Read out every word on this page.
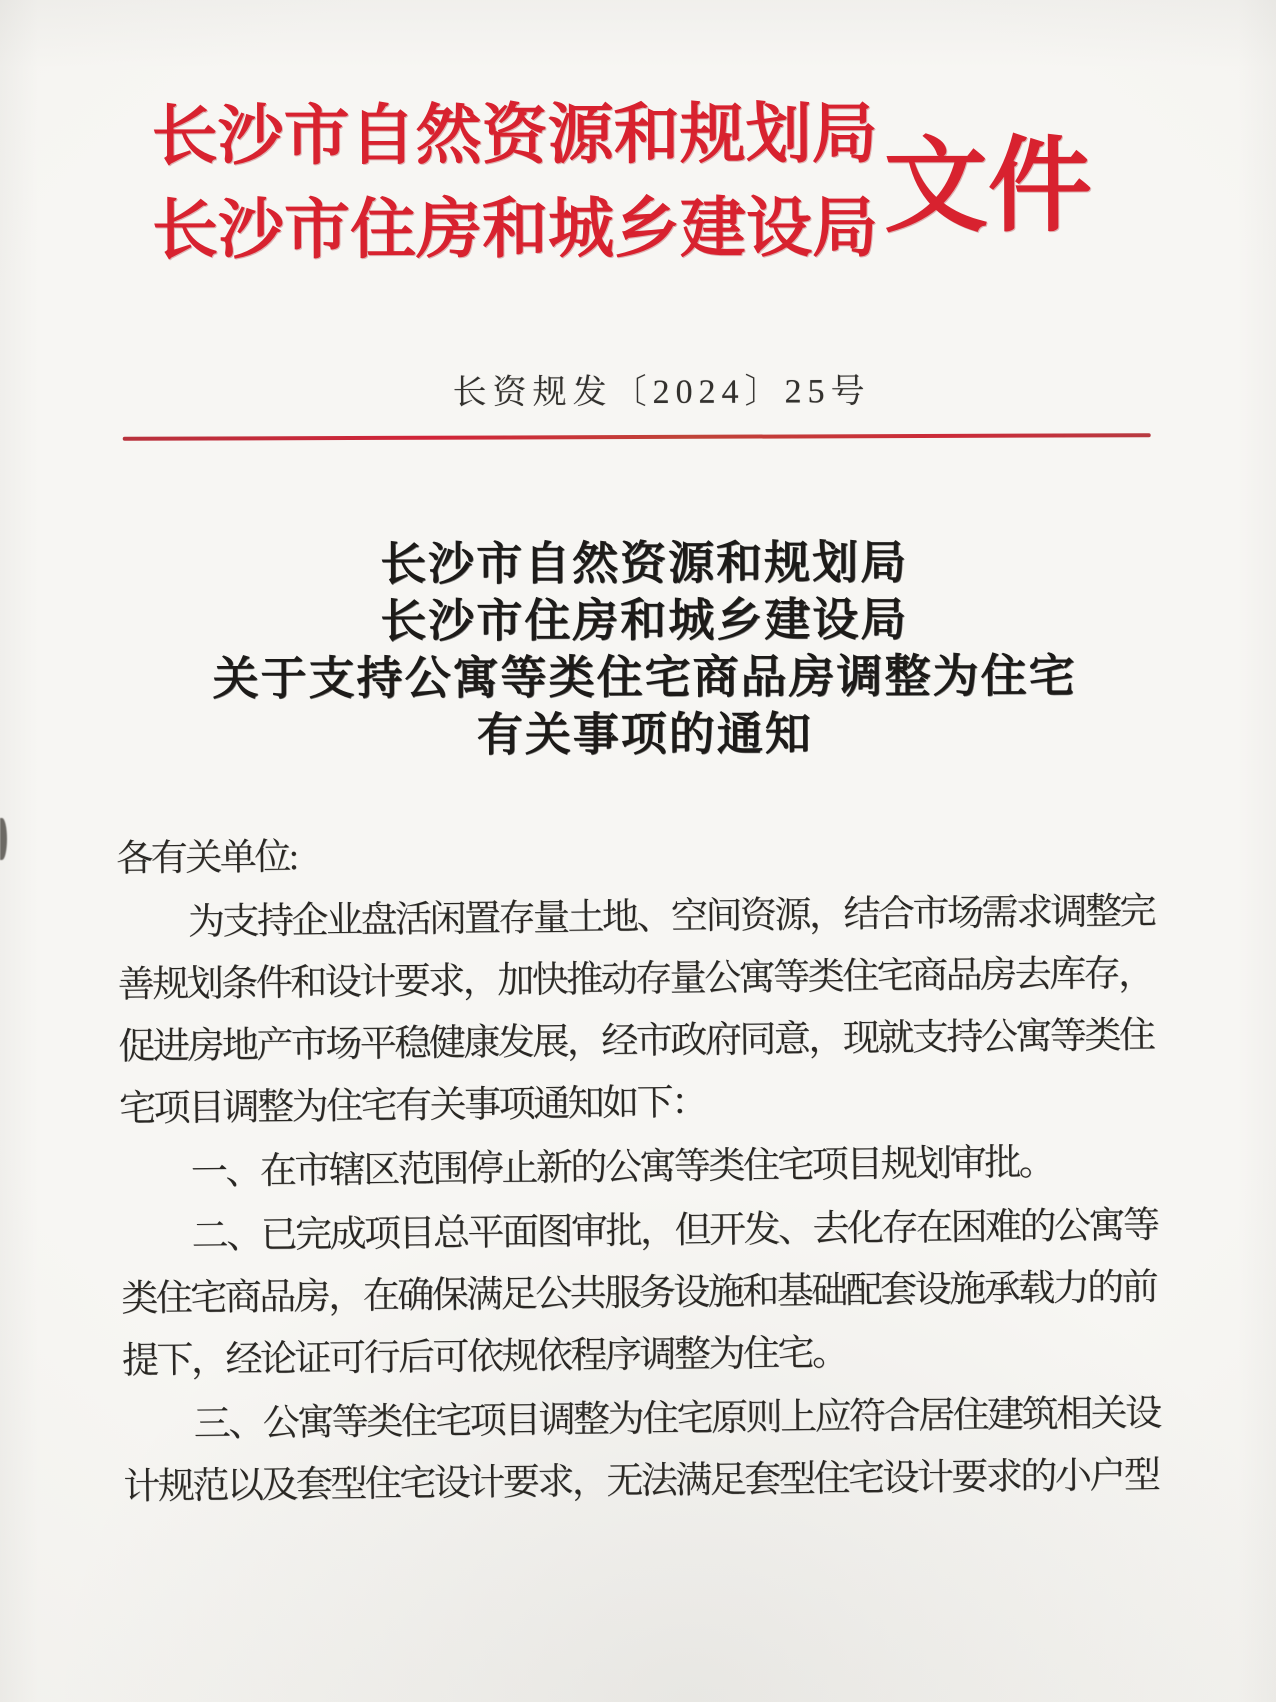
长沙市自然资源和规划局
长沙市住房和城乡建设局 文件
长资规发〔2024〕25号
长沙市自然资源和规划局
长沙市住房和城乡建设局
关于支持公寓等类住宅商品房调整为住宅
有关事项的通知
各有关单位:
为支持企业盘活闲置存量土地、空间资源，结合市场需求调整完
善规划条件和设计要求，加快推动存量公寓等类住宅商品房去库存，
促进房地产市场平稳健康发展，经市政府同意，现就支持公寓等类住
宅项目调整为住宅有关事项通知如下：
一、在市辖区范围停止新的公寓等类住宅项目规划审批。
二、已完成项目总平面图审批，但开发、去化存在困难的公寓等
类住宅商品房，在确保满足公共服务设施和基础配套设施承载力的前
提下，经论证可行后可依规依程序调整为住宅。
三、公寓等类住宅项目调整为住宅原则上应符合居住建筑相关设
计规范以及套型住宅设计要求，无法满足套型住宅设计要求的小户型
